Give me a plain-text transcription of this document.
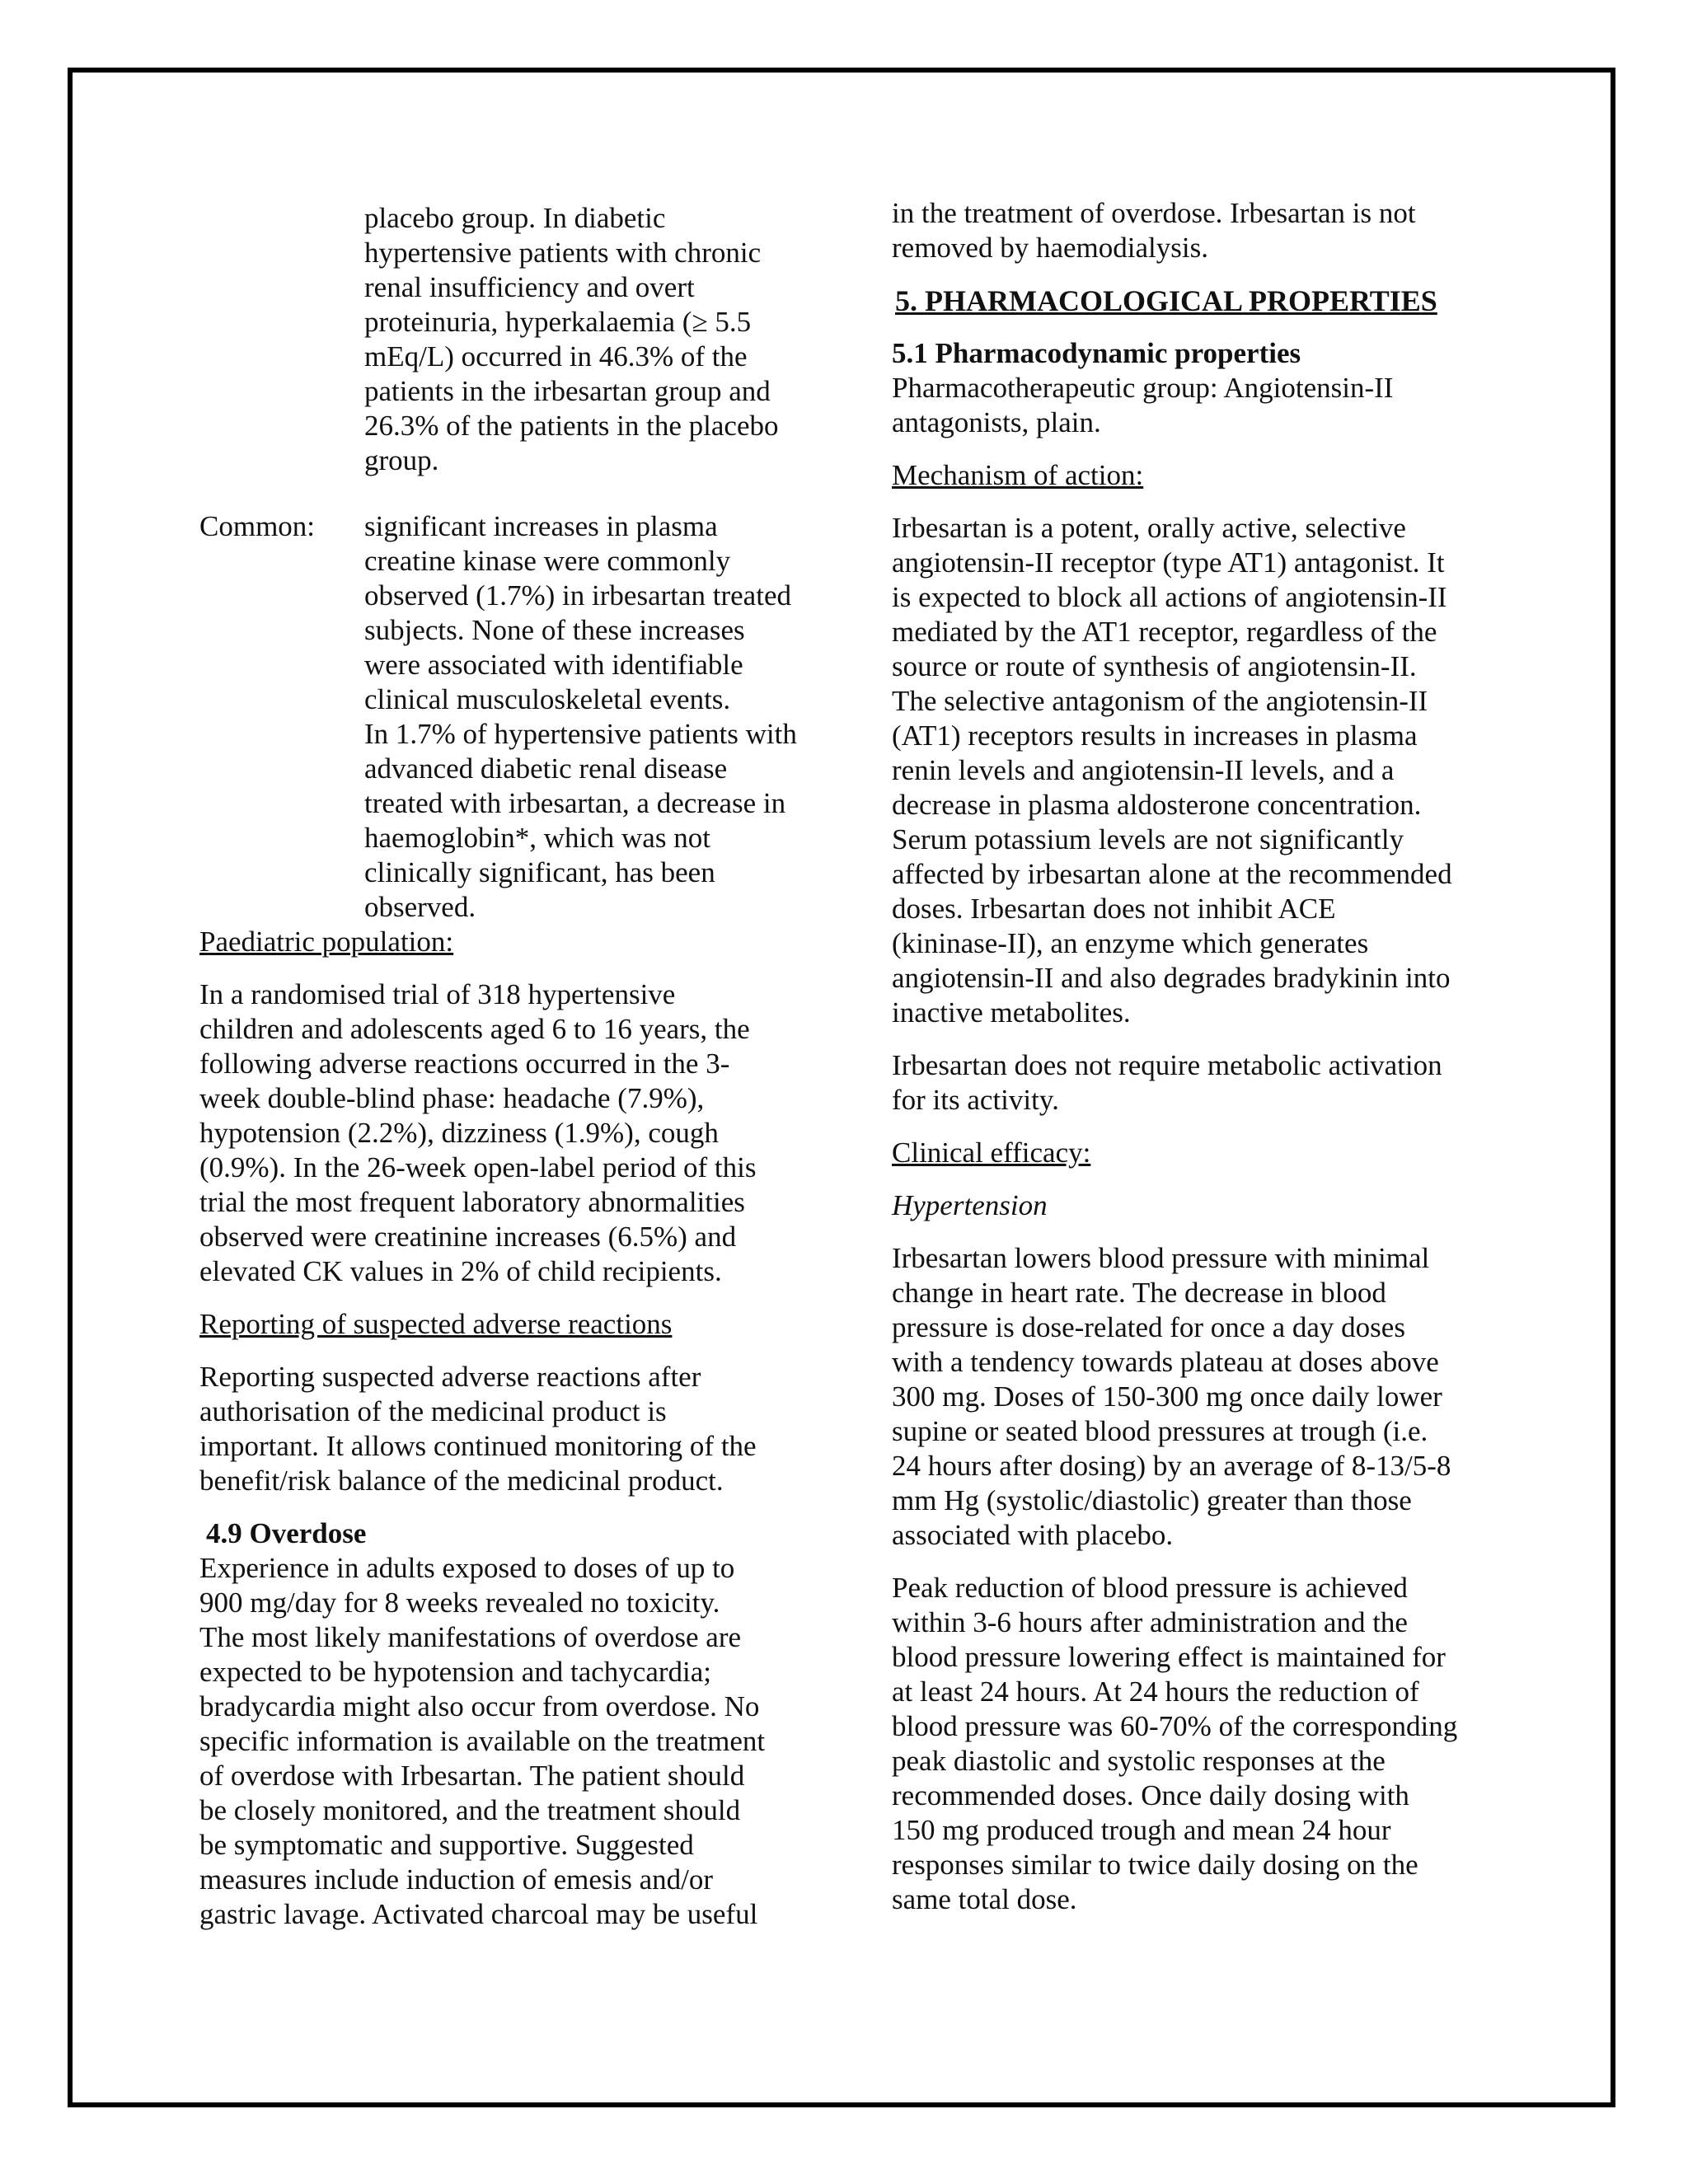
placebo group. In diabetic
hypertensive patients with chronic
renal insufficiency and overt
proteinuria, hyperkalaemia (≥ 5.5
mEq/L) occurred in 46.3% of the
patients in the irbesartan group and
26.3% of the patients in the placebo
group.
Common:	significant increases in plasma
creatine kinase were commonly
observed (1.7%) in irbesartan treated
subjects. None of these increases
were associated with identifiable
clinical musculoskeletal events.
In 1.7% of hypertensive patients with
advanced diabetic renal disease
treated with irbesartan, a decrease in
haemoglobin*, which was not
clinically significant, has been
observed.

Paediatric population:

In a randomised trial of 318 hypertensive
children and adolescents aged 6 to 16 years, the
following adverse reactions occurred in the 3-
week double-blind phase: headache (7.9%),
hypotension (2.2%), dizziness (1.9%), cough
(0.9%). In the 26-week open-label period of this
trial the most frequent laboratory abnormalities
observed were creatinine increases (6.5%) and
elevated CK values in 2% of child recipients.

Reporting of suspected adverse reactions

Reporting suspected adverse reactions after
authorisation of the medicinal product is
important. It allows continued monitoring of the
benefit/risk balance of the medicinal product.

4.9 Overdose

Experience in adults exposed to doses of up to
900 mg/day for 8 weeks revealed no toxicity.
The most likely manifestations of overdose are
expected to be hypotension and tachycardia;
bradycardia might also occur from overdose. No
specific information is available on the treatment
of overdose with Irbesartan. The patient should
be closely monitored, and the treatment should
be symptomatic and supportive. Suggested
measures include induction of emesis and/or
gastric lavage. Activated charcoal may be useful
in the treatment of overdose. Irbesartan is not
removed by haemodialysis.

5. PHARMACOLOGICAL PROPERTIES

5.1 Pharmacodynamic properties

Pharmacotherapeutic group: Angiotensin-II
antagonists, plain.

Mechanism of action:

Irbesartan is a potent, orally active, selective
angiotensin-II receptor (type AT1) antagonist. It
is expected to block all actions of angiotensin-II
mediated by the AT1 receptor, regardless of the
source or route of synthesis of angiotensin-II.
The selective antagonism of the angiotensin-II
(AT1) receptors results in increases in plasma
renin levels and angiotensin-II levels, and a
decrease in plasma aldosterone concentration.
Serum potassium levels are not significantly
affected by irbesartan alone at the recommended
doses. Irbesartan does not inhibit ACE
(kininase-II), an enzyme which generates
angiotensin-II and also degrades bradykinin into
inactive metabolites.
Irbesartan does not require metabolic activation
for its activity.

Clinical efficacy:

Hypertension

Irbesartan lowers blood pressure with minimal
change in heart rate. The decrease in blood
pressure is dose-related for once a day doses
with a tendency towards plateau at doses above
300 mg. Doses of 150-300 mg once daily lower
supine or seated blood pressures at trough (i.e.
24 hours after dosing) by an average of 8-13/5-8
mm Hg (systolic/diastolic) greater than those
associated with placebo.
Peak reduction of blood pressure is achieved
within 3-6 hours after administration and the
blood pressure lowering effect is maintained for
at least 24 hours. At 24 hours the reduction of
blood pressure was 60-70% of the corresponding
peak diastolic and systolic responses at the
recommended doses. Once daily dosing with
150 mg produced trough and mean 24 hour
responses similar to twice daily dosing on the
same total dose.
